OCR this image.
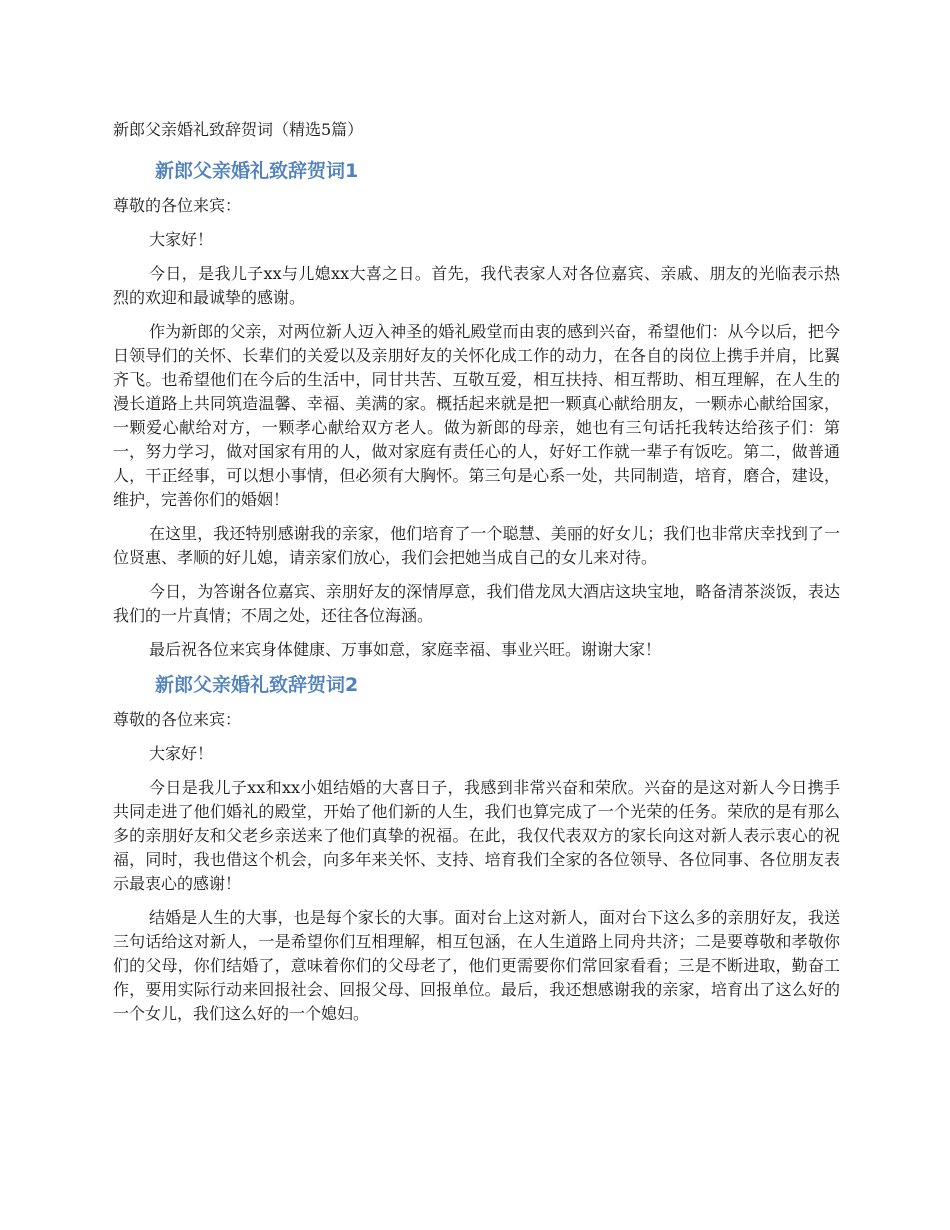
新郎父亲婚礼致辞贺词（精选5篇）

新郎父亲婚礼致辞贺词1

尊敬的各位来宾：

大家好！

今日，是我儿子xx与儿媳xx大喜之日。首先，我代表家人对各位嘉宾、亲戚、朋友的光临表示热烈的欢迎和最诚挚的感谢。

作为新郎的父亲，对两位新人迈入神圣的婚礼殿堂而由衷的感到兴奋，希望他们：从今以后，把今日领导们的关怀、长辈们的关爱以及亲朋好友的关怀化成工作的动力，在各自的岗位上携手并肩，比翼齐飞。也希望他们在今后的生活中，同甘共苦、互敬互爱，相互扶持、相互帮助、相互理解，在人生的漫长道路上共同筑造温馨、幸福、美满的家。概括起来就是把一颗真心献给朋友，一颗赤心献给国家，一颗爱心献给对方，一颗孝心献给双方老人。做为新郎的母亲，她也有三句话托我转达给孩子们：第一，努力学习，做对国家有用的人，做对家庭有责任心的人，好好工作就一辈子有饭吃。第二，做普通人，干正经事，可以想小事情，但必须有大胸怀。第三句是心系一处，共同制造，培育，磨合，建设，维护，完善你们的婚姻！

在这里，我还特别感谢我的亲家，他们培育了一个聪慧、美丽的好女儿；我们也非常庆幸找到了一位贤惠、孝顺的好儿媳，请亲家们放心，我们会把她当成自己的女儿来对待。

今日，为答谢各位嘉宾、亲朋好友的深情厚意，我们借龙凤大酒店这块宝地，略备清茶淡饭，表达我们的一片真情；不周之处，还往各位海涵。

最后祝各位来宾身体健康、万事如意，家庭幸福、事业兴旺。谢谢大家！

新郎父亲婚礼致辞贺词2

尊敬的各位来宾：

大家好！

今日是我儿子xx和xx小姐结婚的大喜日子，我感到非常兴奋和荣欣。兴奋的是这对新人今日携手共同走进了他们婚礼的殿堂，开始了他们新的人生，我们也算完成了一个光荣的任务。荣欣的是有那么多的亲朋好友和父老乡亲送来了他们真挚的祝福。在此，我仅代表双方的家长向这对新人表示衷心的祝福，同时，我也借这个机会，向多年来关怀、支持、培育我们全家的各位领导、各位同事、各位朋友表示最衷心的感谢！

结婚是人生的大事，也是每个家长的大事。面对台上这对新人，面对台下这么多的亲朋好友，我送三句话给这对新人，一是希望你们互相理解，相互包涵，在人生道路上同舟共济；二是要尊敬和孝敬你们的父母，你们结婚了，意味着你们的父母老了，他们更需要你们常回家看看；三是不断进取，勤奋工作，要用实际行动来回报社会、回报父母、回报单位。最后，我还想感谢我的亲家，培育出了这么好的一个女儿，我们这么好的一个媳妇。
